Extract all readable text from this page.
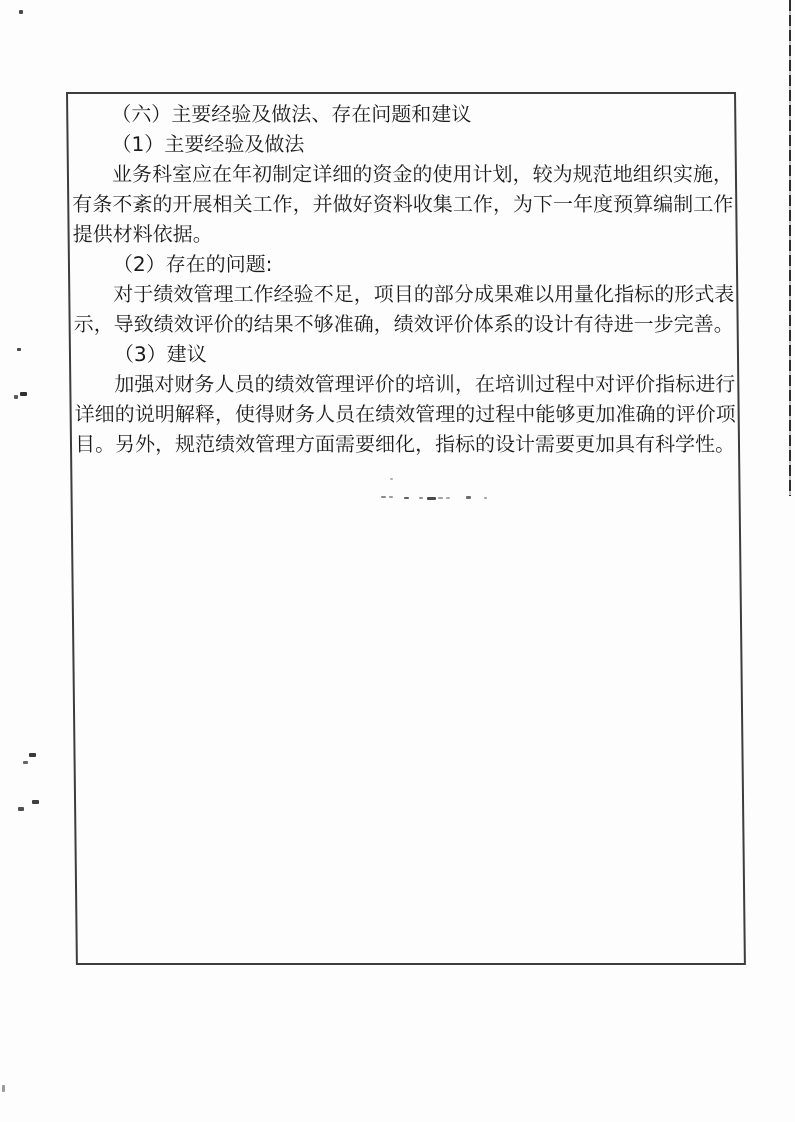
（六）主要经验及做法、存在问题和建议

（1）主要经验及做法

业务科室应在年初制定详细的资金的使用计划，较为规范地组织实施，有条不紊的开展相关工作，并做好资料收集工作，为下一年度预算编制工作提供材料依据。

（2）存在的问题:

对于绩效管理工作经验不足，项目的部分成果难以用量化指标的形式表示，导致绩效评价的结果不够准确，绩效评价体系的设计有待进一步完善。

（3）建议

加强对财务人员的绩效管理评价的培训，在培训过程中对评价指标进行详细的说明解释，使得财务人员在绩效管理的过程中能够更加准确的评价项目。另外，规范绩效管理方面需要细化，指标的设计需要更加具有科学性。
